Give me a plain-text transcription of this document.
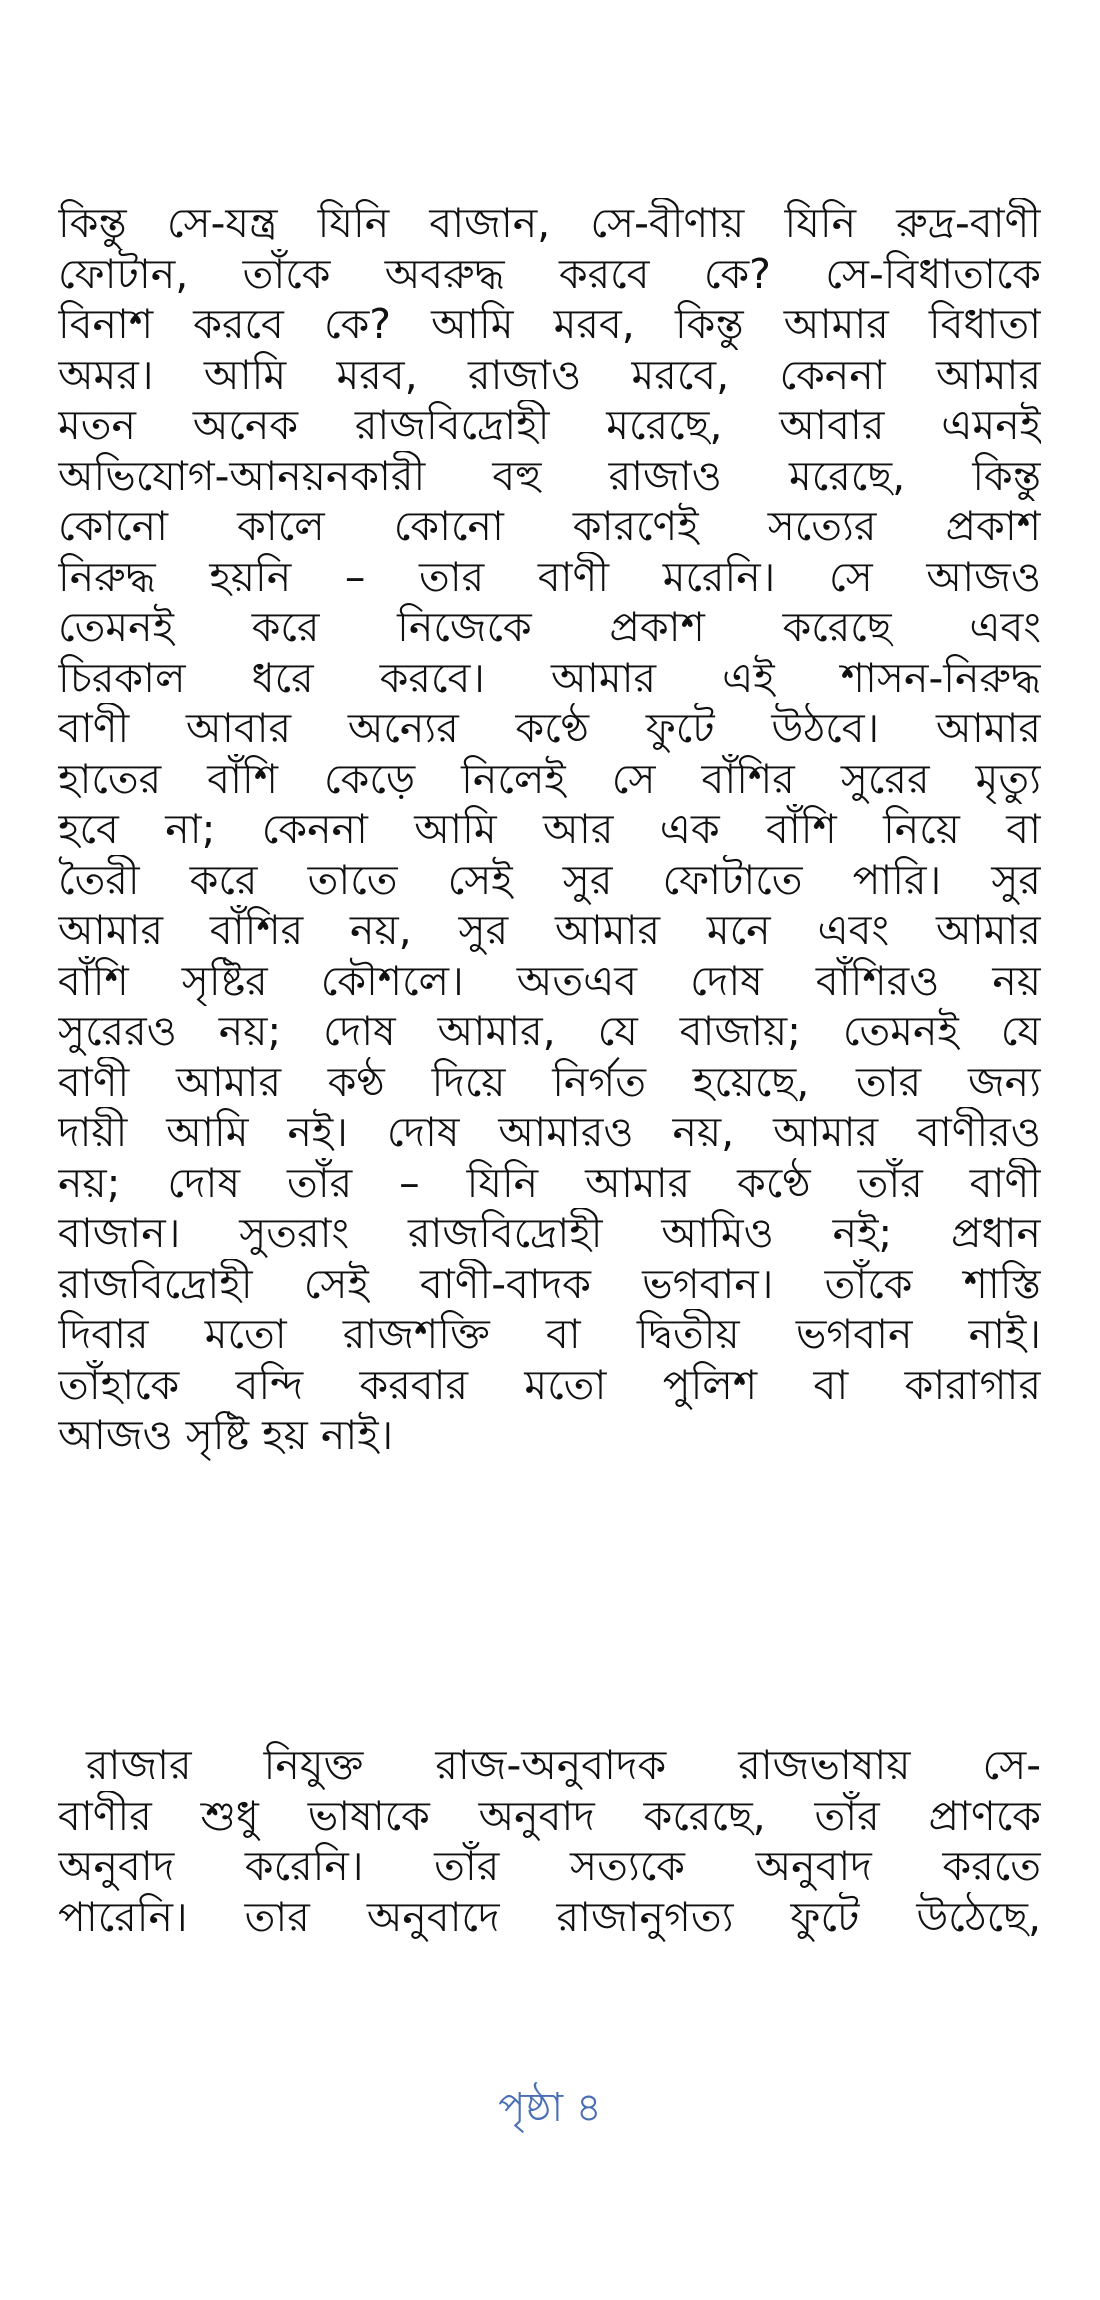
কিন্তু সে-যন্ত্র যিনি বাজান, সে-বীণায় যিনি রুদ্র-বাণী
ফোটান, তাঁকে অবরুদ্ধ করবে কে? সে-বিধাতাকে
বিনাশ করবে কে? আমি মরব, কিন্তু আমার বিধাতা
অমর। আমি মরব, রাজাও মরবে, কেননা আমার
মতন অনেক রাজবিদ্রোহী মরেছে, আবার এমনই
অভিযোগ-আনয়নকারী বহু রাজাও মরেছে, কিন্তু
কোনো কালে কোনো কারণেই সত্যের প্রকাশ
নিরুদ্ধ হয়নি – তার বাণী মরেনি। সে আজও
তেমনই করে নিজেকে প্রকাশ করেছে এবং
চিরকাল ধরে করবে। আমার এই শাসন-নিরুদ্ধ
বাণী আবার অন্যের কণ্ঠে ফুটে উঠবে। আমার
হাতের বাঁশি কেড়ে নিলেই সে বাঁশির সুরের মৃত্যু
হবে না; কেননা আমি আর এক বাঁশি নিয়ে বা
তৈরী করে তাতে সেই সুর ফোটাতে পারি। সুর
আমার বাঁশির নয়, সুর আমার মনে এবং আমার
বাঁশি সৃষ্টির কৌশলে। অতএব দোষ বাঁশিরও নয়
সুরেরও নয়; দোষ আমার, যে বাজায়; তেমনই যে
বাণী আমার কণ্ঠ দিয়ে নির্গত হয়েছে, তার জন্য
দায়ী আমি নই। দোষ আমারও নয়, আমার বাণীরও
নয়; দোষ তাঁর – যিনি আমার কণ্ঠে তাঁর বাণী
বাজান। সুতরাং রাজবিদ্রোহী আমিও নই; প্রধান
রাজবিদ্রোহী সেই বাণী-বাদক ভগবান। তাঁকে শাস্তি
দিবার মতো রাজশক্তি বা দ্বিতীয় ভগবান নাই।
তাঁহাকে বন্দি করবার মতো পুলিশ বা কারাগার
আজও সৃষ্টি হয় নাই।
রাজার নিযুক্ত রাজ-অনুবাদক রাজভাষায় সে-
বাণীর শুধু ভাষাকে অনুবাদ করেছে, তাঁর প্রাণকে
অনুবাদ করেনি। তাঁর সত্যকে অনুবাদ করতে
পারেনি। তার অনুবাদে রাজানুগত্য ফুটে উঠেছে,
পৃষ্ঠা ৪
